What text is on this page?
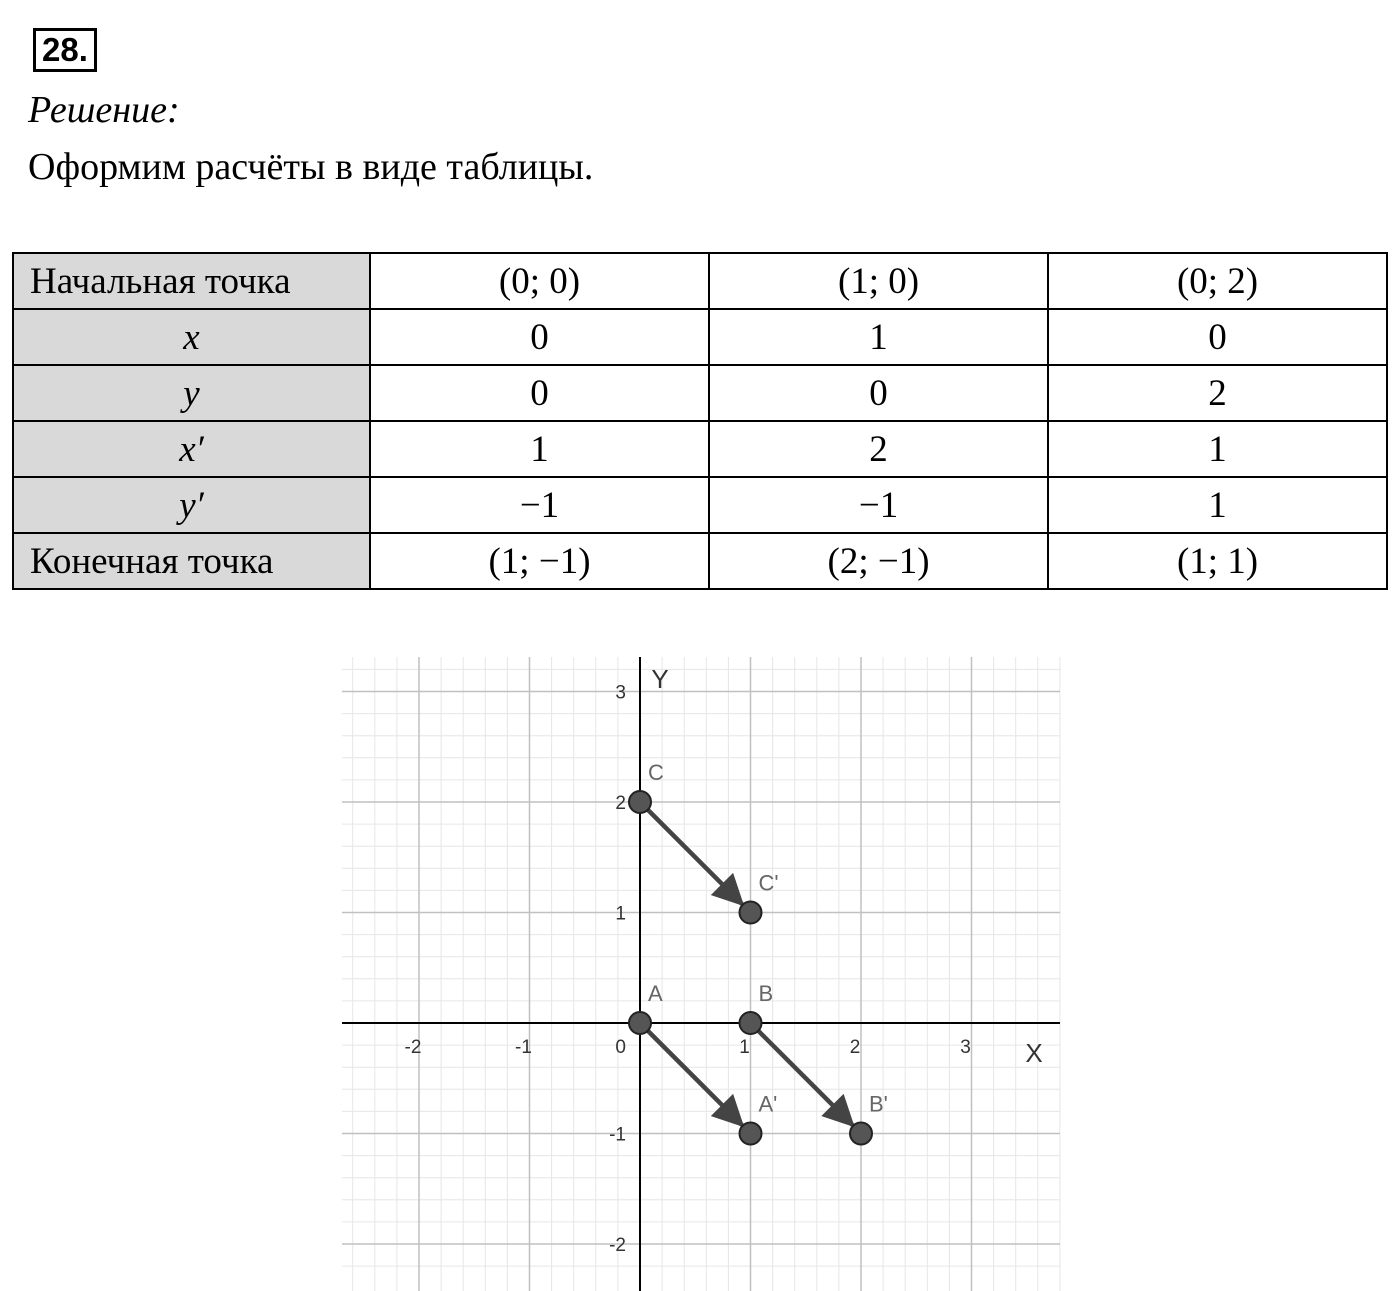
28.
Решение:
Оформим расчёты в виде таблицы.
Начальная точка	(0; 0)	(1; 0)	(0; 2)
x	0	1	0
y	0	0	2
x′	1	2	1
y′	−1	−1	1
Конечная точка	(1; −1)	(2; −1)	(1; 1)
-2	-1	1	2	3
-2
-1
1
2
3
0	X
Y
A	B
C
A'	B'
C'
